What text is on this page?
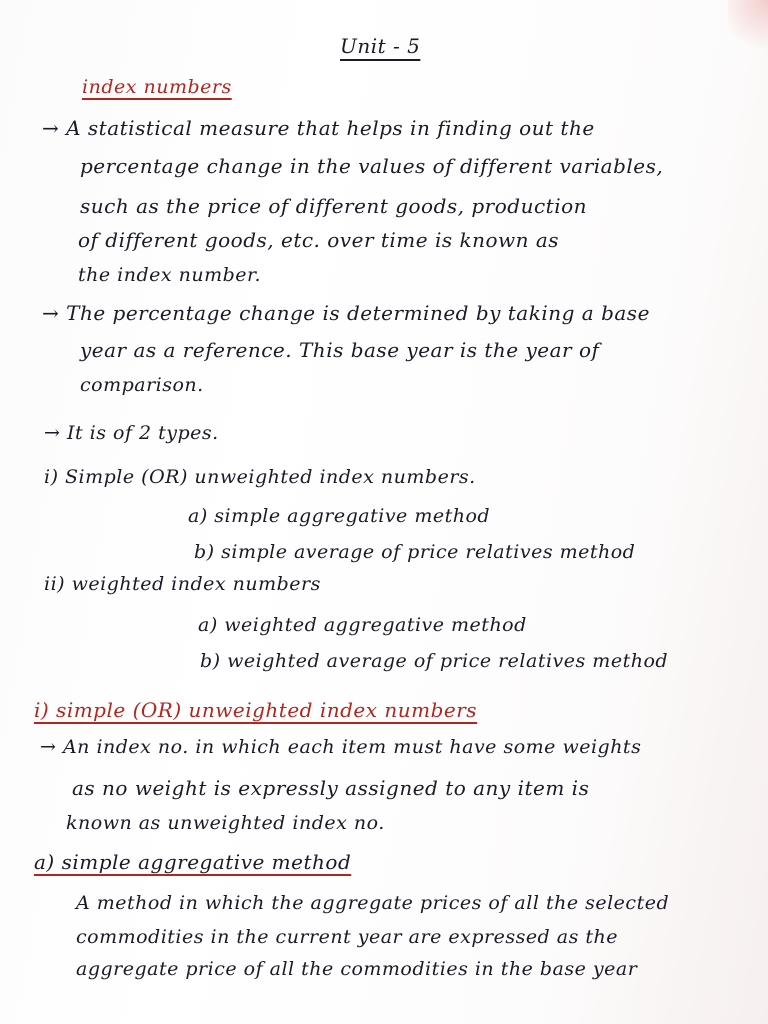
Unit - 5
index numbers
→ A statistical measure that helps in finding out the
percentage change in the values of different variables,
such as the price of different goods, production
of different goods, etc. over time is known as
the index number.
→ The percentage change is determined by taking a base
year as a reference. This base year is the year of
comparison.
→ It is of 2 types.
i) Simple (OR) unweighted index numbers.
a) simple aggregative method
b) simple average of price relatives method
ii) weighted index numbers
a) weighted aggregative method
b) weighted average of price relatives method
i) simple (OR) unweighted index numbers
→ An index no. in which each item must have some weights
as no weight is expressly assigned to any item is
known as unweighted index no.
a) simple aggregative method
A method in which the aggregate prices of all the selected
commodities in the current year are expressed as the
aggregate price of all the commodities in the base year
